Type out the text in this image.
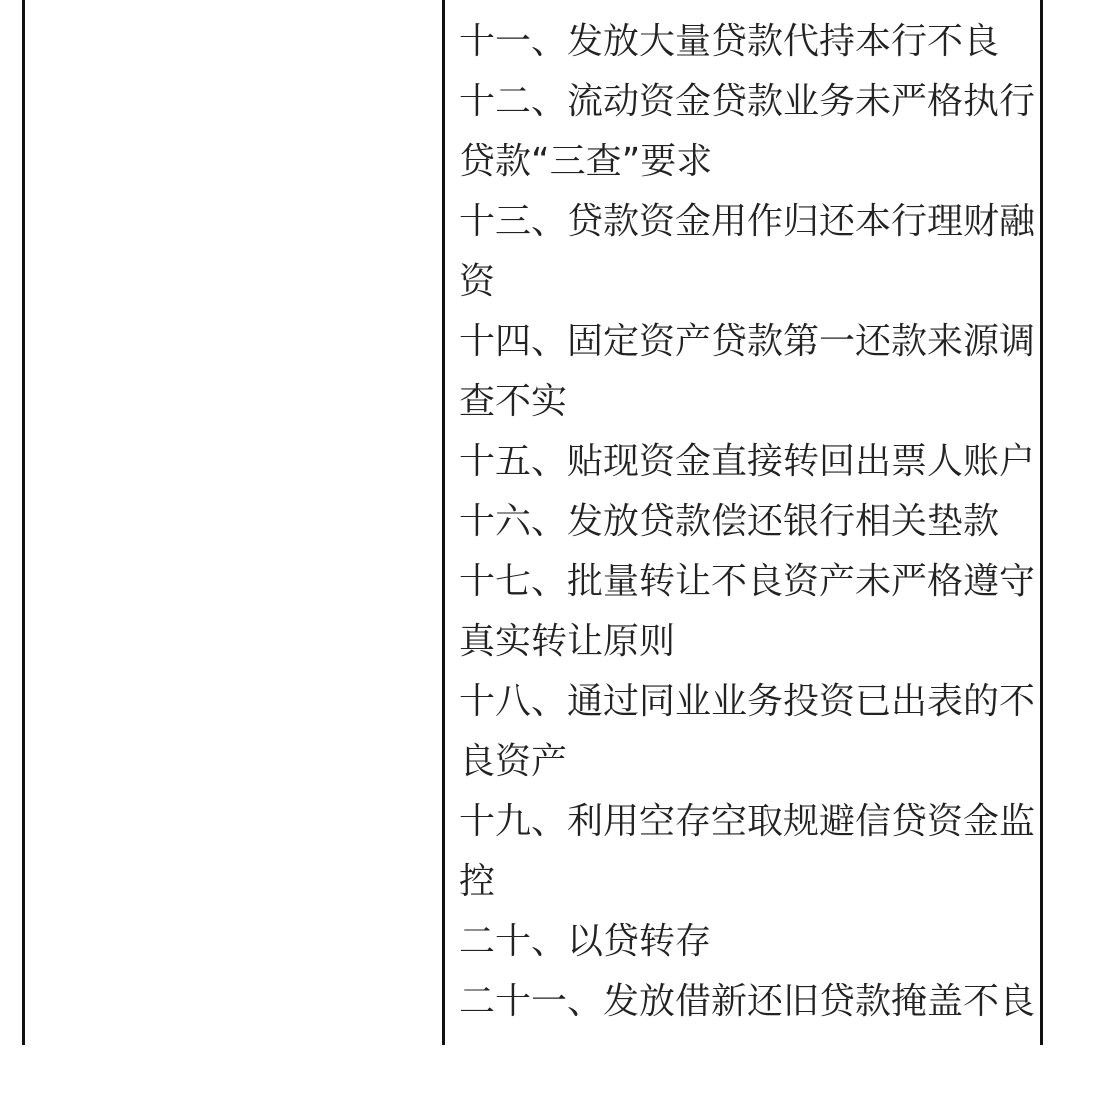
十一、发放大量贷款代持本行不良

十二、流动资金贷款业务未严格执行贷款“三查”要求

十三、贷款资金用作归还本行理财融资

十四、固定资产贷款第一还款来源调查不实

十五、贴现资金直接转回出票人账户

十六、发放贷款偿还银行相关垫款

十七、批量转让不良资产未严格遵守真实转让原则

十八、通过同业业务投资已出表的不良资产

十九、利用空存空取规避信贷资金监控

二十、以贷转存

二十一、发放借新还旧贷款掩盖不良
